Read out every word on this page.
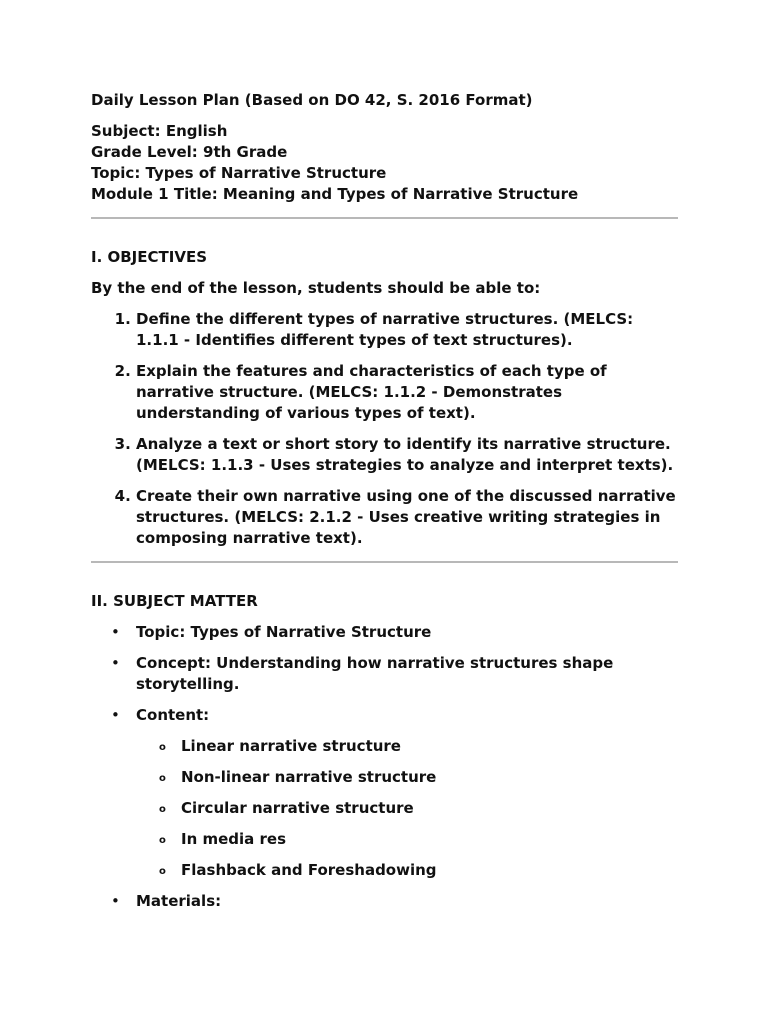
Daily Lesson Plan (Based on DO 42, S. 2016 Format)
Subject: English
Grade Level: 9th Grade
Topic: Types of Narrative Structure
Module 1 Title: Meaning and Types of Narrative Structure
I. OBJECTIVES
By the end of the lesson, students should be able to:
1. Define the different types of narrative structures. (MELCS: 1.1.1 - Identifies different types of text structures).
2. Explain the features and characteristics of each type of narrative structure. (MELCS: 1.1.2 - Demonstrates understanding of various types of text).
3. Analyze a text or short story to identify its narrative structure. (MELCS: 1.1.3 - Uses strategies to analyze and interpret texts).
4. Create their own narrative using one of the discussed narrative structures. (MELCS: 2.1.2 - Uses creative writing strategies in composing narrative text).
II. SUBJECT MATTER
• Topic: Types of Narrative Structure
• Concept: Understanding how narrative structures shape storytelling.
• Content:
o Linear narrative structure
o Non-linear narrative structure
o Circular narrative structure
o In media res
o Flashback and Foreshadowing
• Materials:
